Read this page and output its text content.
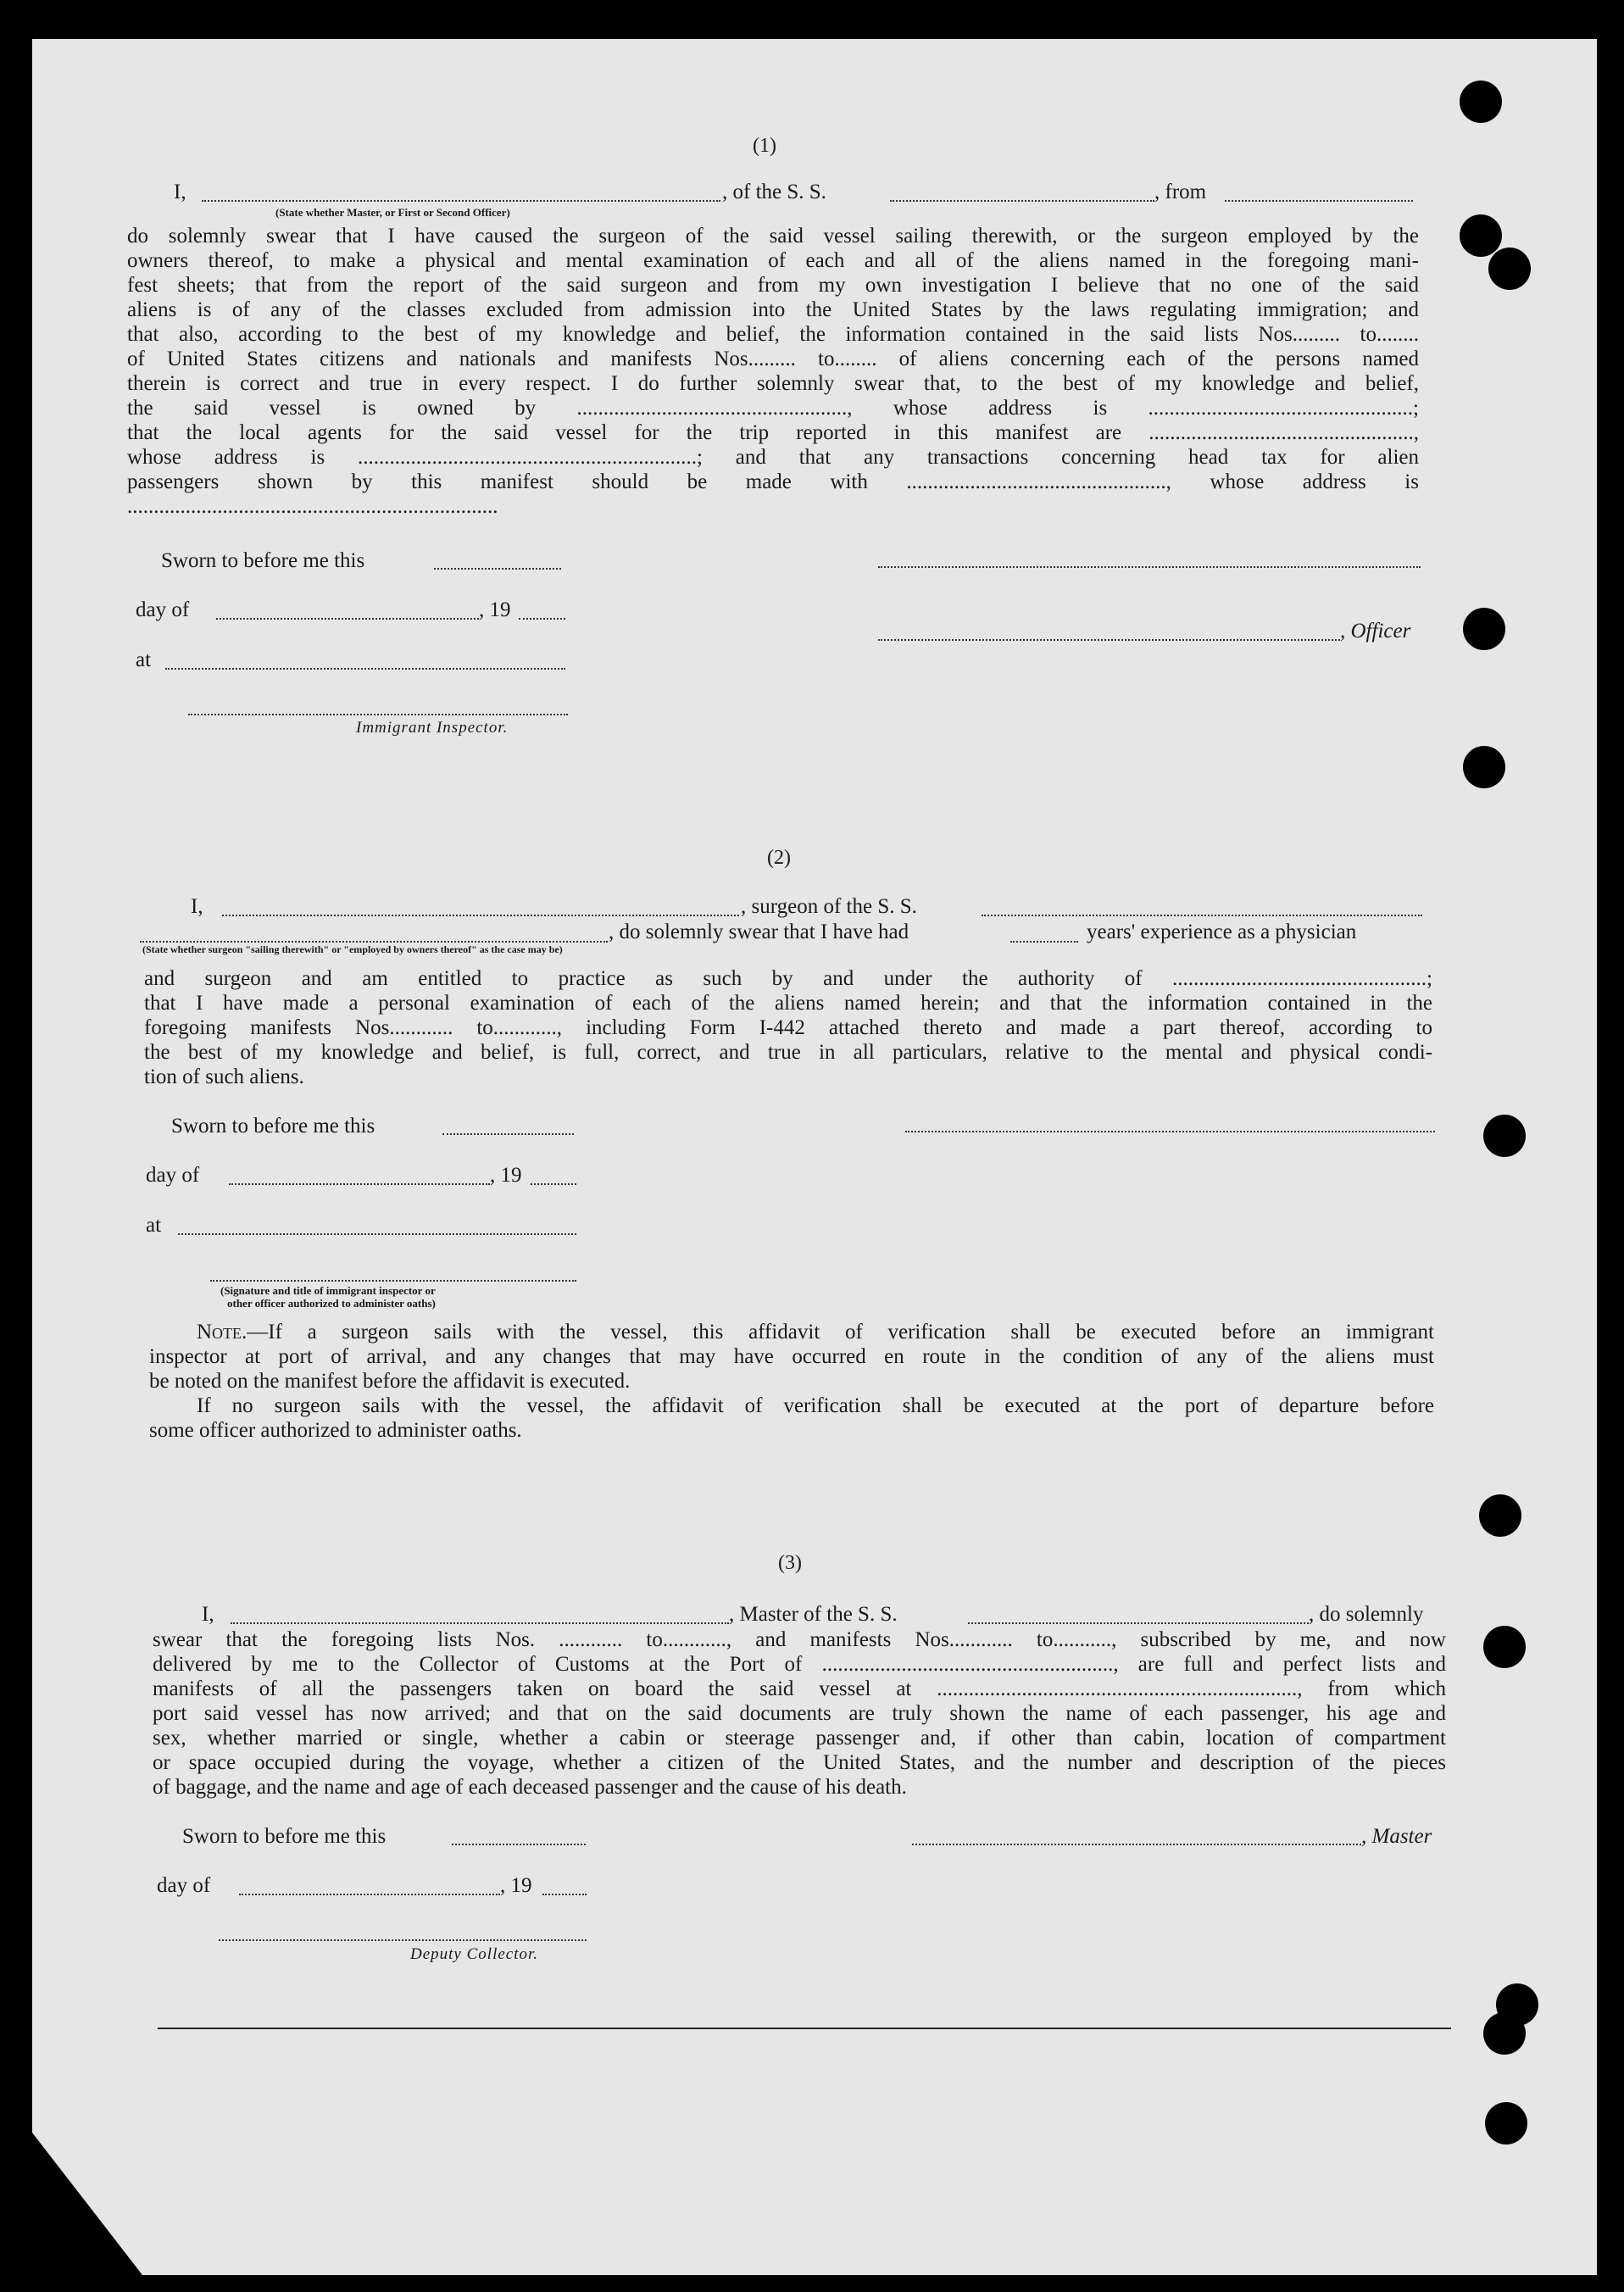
(1)
I,	, of the S. S.	, from
(State whether Master, or First or Second Officer)
do solemnly swear that I have caused the surgeon of the said vessel sailing therewith, or the surgeon employed by the
owners thereof, to make a physical and mental examination of each and all of the aliens named in the foregoing mani-
fest sheets; that from the report of the said surgeon and from my own investigation I believe that no one of the said
aliens is of any of the classes excluded from admission into the United States by the laws regulating immigration; and
that also, according to the best of my knowledge and belief, the information contained in the said lists Nos......... to........
of United States citizens and nationals and manifests Nos......... to........ of aliens concerning each of the persons named
therein is correct and true in every respect. I do further solemnly swear that, to the best of my knowledge and belief,
the said vessel is owned by ..................................................., whose address is ..................................................;
that the local agents for the said vessel for the trip reported in this manifest are ..................................................,
whose address is ................................................................; and that any transactions concerning head tax for alien
passengers shown by this manifest should be made with ................................................., whose address is
......................................................................
Sworn to before me this
day of	, 19
, Officer
at
Immigrant Inspector.
(2)
I,	, surgeon of the S. S.
, do solemnly swear that I have had	years' experience as a physician
(State whether surgeon "sailing therewith" or "employed by owners thereof" as the case may be)
and surgeon and am entitled to practice as such by and under the authority of ................................................;
that I have made a personal examination of each of the aliens named herein; and that the information contained in the
foregoing manifests Nos............ to............, including Form I-442 attached thereto and made a part thereof, according to
the best of my knowledge and belief, is full, correct, and true in all particulars, relative to the mental and physical condi-
tion of such aliens.
Sworn to before me this
day of	, 19
at
(Signature and title of immigrant inspector or
other officer authorized to administer oaths)
Note.—If a surgeon sails with the vessel, this affidavit of verification shall be executed before an immigrant
inspector at port of arrival, and any changes that may have occurred en route in the condition of any of the aliens must
be noted on the manifest before the affidavit is executed.
If no surgeon sails with the vessel, the affidavit of verification shall be executed at the port of departure before
some officer authorized to administer oaths.
(3)
I,	, Master of the S. S.	, do solemnly
swear that the foregoing lists Nos. ............ to............, and manifests Nos............ to..........., subscribed by me, and now
delivered by me to the Collector of Customs at the Port of ......................................................., are full and perfect lists and
manifests of all the passengers taken on board the said vessel at ...................................................................., from which
port said vessel has now arrived; and that on the said documents are truly shown the name of each passenger, his age and
sex, whether married or single, whether a cabin or steerage passenger and, if other than cabin, location of compartment
or space occupied during the voyage, whether a citizen of the United States, and the number and description of the pieces
of baggage, and the name and age of each deceased passenger and the cause of his death.
Sworn to before me this	, Master
day of	, 19
Deputy Collector.
